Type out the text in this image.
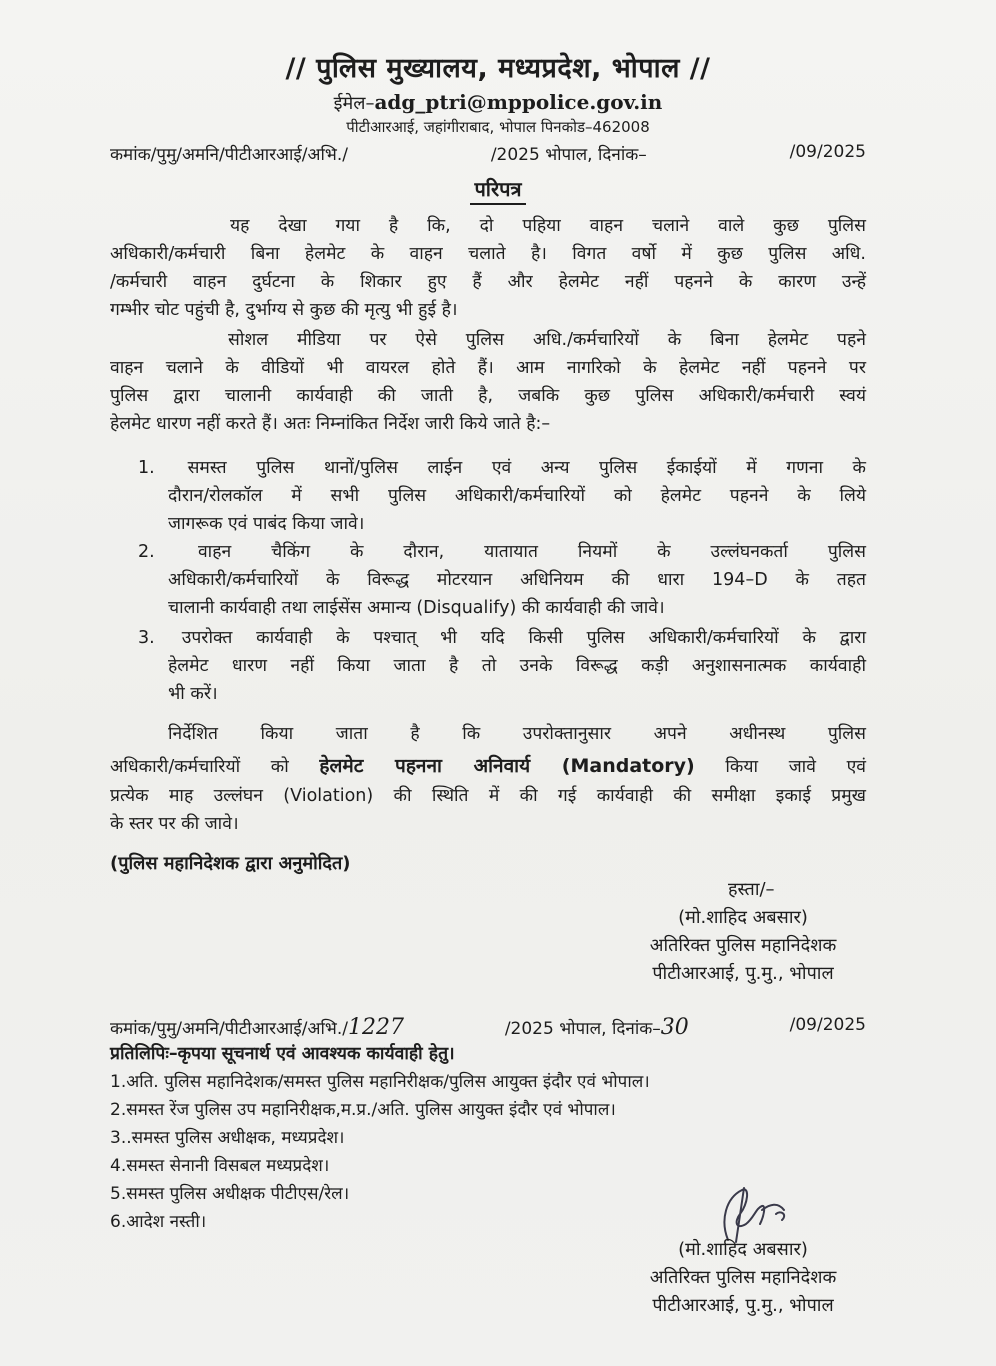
// पुलिस मुख्यालय, मध्यप्रदेश, भोपाल //
ईमेल–adg_ptri@mppolice.gov.in
पीटीआरआई, जहांगीराबाद, भोपाल पिनकोड–462008
कमांक/पुमु/अमनि/पीटीआरआई/अभि./	/2025 भोपाल, दिनांक–	/09/2025
परिपत्र
यह देखा गया है कि, दो पहिया वाहन चलाने वाले कुछ पुलिस
अधिकारी/कर्मचारी बिना हेलमेट के वाहन चलाते है। विगत वर्षो में कुछ पुलिस अधि.
/कर्मचारी वाहन दुर्घटना के शिकार हुए हैं और हेलमेट नहीं पहनने के कारण उन्हें
गम्भीर चोट पहुंची है, दुर्भाग्य से कुछ की मृत्यु भी हुई है।
सोशल मीडिया पर ऐसे पुलिस अधि./कर्मचारियों के बिना हेलमेट पहने
वाहन चलाने के वीडियों भी वायरल होते हैं। आम नागरिको के हेलमेट नहीं पहनने पर
पुलिस द्वारा चालानी कार्यवाही की जाती है, जबकि कुछ पुलिस अधिकारी/कर्मचारी स्वयं
हेलमेट धारण नहीं करते हैं। अतः निम्नांकित निर्देश जारी किये जाते है:–
1. समस्त पुलिस थानों/पुलिस लाईन एवं अन्य पुलिस ईकाईयों में गणना के
दौरान/रोलकॉल में सभी पुलिस अधिकारी/कर्मचारियों को हेलमेट पहनने के लिये
जागरूक एवं पाबंद किया जावे।
2. वाहन चैकिंग के दौरान, यातायात नियमों के उल्लंघनकर्ता पुलिस
अधिकारी/कर्मचारियों के विरूद्ध मोटरयान अधिनियम की धारा 194–D के तहत
चालानी कार्यवाही तथा लाईसेंस अमान्य (Disqualify) की कार्यवाही की जावे।
3. उपरोक्त कार्यवाही के पश्चात् भी यदि किसी पुलिस अधिकारी/कर्मचारियों के द्वारा
हेलमेट धारण नहीं किया जाता है तो उनके विरूद्ध कड़ी अनुशासनात्मक कार्यवाही
भी करें।
निर्देशित किया जाता है कि उपरोक्तानुसार अपने अधीनस्थ पुलिस
अधिकारी/कर्मचारियों को हेलमेट पहनना अनिवार्य (Mandatory) किया जावे एवं
प्रत्येक माह उल्लंघन (Violation) की स्थिति में की गई कार्यवाही की समीक्षा इकाई प्रमुख
के स्तर पर की जावे।
(पुलिस महानिदेशक द्वारा अनुमोदित)
हस्ता/–
(मो.शाहिद अबसार)
अतिरिक्त पुलिस महानिदेशक
पीटीआरआई, पु.मु., भोपाल
कमांक/पुमु/अमनि/पीटीआरआई/अभि./1227	/2025 भोपाल, दिनांक–30	/09/2025
प्रतिलिपिः–कृपया सूचनार्थ एवं आवश्यक कार्यवाही हेतु।
1.अति. पुलिस महानिदेशक/समस्त पुलिस महानिरीक्षक/पुलिस आयुक्त इंदौर एवं भोपाल।
2.समस्त रेंज पुलिस उप महानिरीक्षक,म.प्र./अति. पुलिस आयुक्त इंदौर एवं भोपाल।
3..समस्त पुलिस अधीक्षक, मध्यप्रदेश।
4.समस्त सेनानी विसबल मध्यप्रदेश।
5.समस्त पुलिस अधीक्षक पीटीएस/रेल।
6.आदेश नस्ती।
(मो.शाहिद अबसार)
अतिरिक्त पुलिस महानिदेशक
पीटीआरआई, पु.मु., भोपाल
